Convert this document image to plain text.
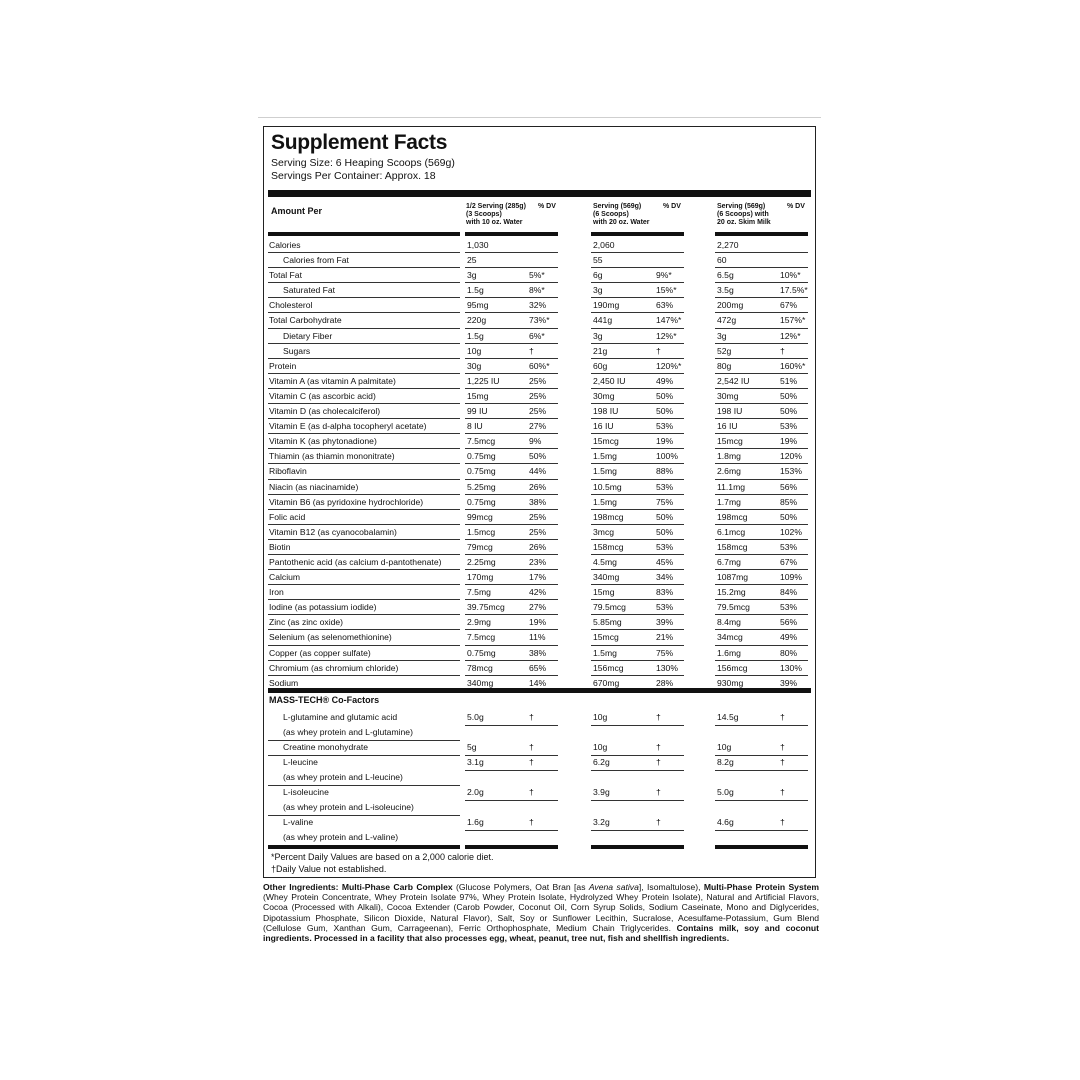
Supplement Facts
Serving Size: 6 Heaping Scoops (569g)
Servings Per Container: Approx. 18
Amount Per	1/2 Serving (285g)
(3 Scoops)
with 10 oz. Water
% DV	Serving (569g)
(6 Scoops)
with 20 oz. Water
% DV	Serving (569g)
(6 Scoops) with
20 oz. Skim Milk
% DV
Calories	1,030	2,060	2,270
Calories from Fat	25	55	60
Total Fat	3g	5%*	6g	9%*	6.5g	10%*
Saturated Fat	1.5g	8%*	3g	15%*	3.5g	17.5%*
Cholesterol	95mg	32%	190mg	63%	200mg	67%
Total Carbohydrate	220g	73%*	441g	147%*	472g	157%*
Dietary Fiber	1.5g	6%*	3g	12%*	3g	12%*
Sugars	10g	†	21g	†	52g	†
Protein	30g	60%*	60g	120%*	80g	160%*
Vitamin A (as vitamin A palmitate)	1,225 IU	25%	2,450 IU	49%	2,542 IU	51%
Vitamin C (as ascorbic acid)	15mg	25%	30mg	50%	30mg	50%
Vitamin D (as cholecalciferol)	99 IU	25%	198 IU	50%	198 IU	50%
Vitamin E (as d-alpha tocopheryl acetate)	8 IU	27%	16 IU	53%	16 IU	53%
Vitamin K (as phytonadione)	7.5mcg	9%	15mcg	19%	15mcg	19%
Thiamin (as thiamin mononitrate)	0.75mg	50%	1.5mg	100%	1.8mg	120%
Riboflavin	0.75mg	44%	1.5mg	88%	2.6mg	153%
Niacin (as niacinamide)	5.25mg	26%	10.5mg	53%	11.1mg	56%
Vitamin B6 (as pyridoxine hydrochloride)	0.75mg	38%	1.5mg	75%	1.7mg	85%
Folic acid	99mcg	25%	198mcg	50%	198mcg	50%
Vitamin B12 (as cyanocobalamin)	1.5mcg	25%	3mcg	50%	6.1mcg	102%
Biotin	79mcg	26%	158mcg	53%	158mcg	53%
Pantothenic acid (as calcium d-pantothenate)	2.25mg	23%	4.5mg	45%	6.7mg	67%
Calcium	170mg	17%	340mg	34%	1087mg	109%
Iron	7.5mg	42%	15mg	83%	15.2mg	84%
Iodine (as potassium iodide)	39.75mcg	27%	79.5mcg	53%	79.5mcg	53%
Zinc (as zinc oxide)	2.9mg	19%	5.85mg	39%	8.4mg	56%
Selenium (as selenomethionine)	7.5mcg	11%	15mcg	21%	34mcg	49%
Copper (as copper sulfate)	0.75mg	38%	1.5mg	75%	1.6mg	80%
Chromium (as chromium chloride)	78mcg	65%	156mcg	130%	156mcg	130%
Sodium	340mg	14%	670mg	28%	930mg	39%
MASS-TECH® Co-Factors
L-glutamine and glutamic acid	5.0g	†	10g	†	14.5g	†
(as whey protein and L-glutamine)
Creatine monohydrate	5g	†	10g	†	10g	†
L-leucine	3.1g	†	6.2g	†	8.2g	†
(as whey protein and L-leucine)
L-isoleucine	2.0g	†	3.9g	†	5.0g	†
(as whey protein and L-isoleucine)
L-valine	1.6g	†	3.2g	†	4.6g	†
(as whey protein and L-valine)
*Percent Daily Values are based on a 2,000 calorie diet.
†Daily Value not established.
Other Ingredients: Multi-Phase Carb Complex (Glucose Polymers, Oat Bran [as Avena sativa], Isomaltulose), Multi-Phase Protein System (Whey Protein Concentrate, Whey Protein Isolate 97%, Whey Protein Isolate, Hydrolyzed Whey Protein Isolate), Natural and Artificial Flavors, Cocoa (Processed with Alkali), Cocoa Extender (Carob Powder, Coconut Oil, Corn Syrup Solids, Sodium Caseinate, Mono and Diglycerides, Dipotassium Phosphate, Silicon Dioxide, Natural Flavor), Salt, Soy or Sunflower Lecithin, Sucralose, Acesulfame-Potassium, Gum Blend (Cellulose Gum, Xanthan Gum, Carrageenan), Ferric Orthophosphate, Medium Chain Triglycerides. Contains milk, soy and coconut ingredients. Processed in a facility that also processes egg, wheat, peanut, tree nut, fish and shellfish ingredients.
